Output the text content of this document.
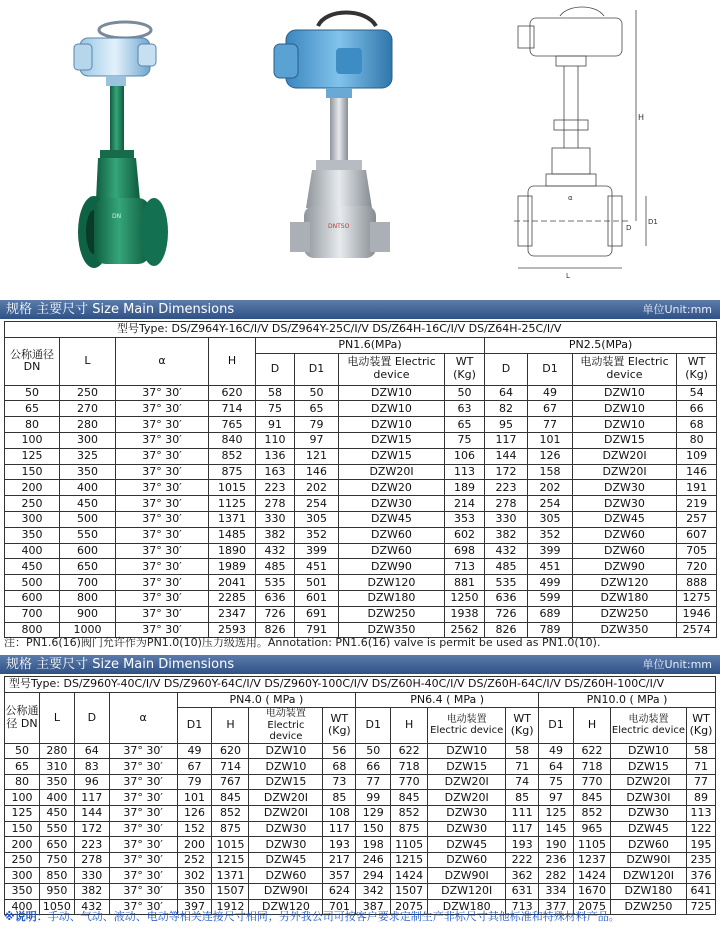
DN
DNTSO
H
D
D1
L
α
规格 主要尺寸 Size Main Dimensions	单位Unit:mm
型号Type: DS/Z964Y-16C/I/V DS/Z964Y-25C/I/V DS/Z64H-16C/I/V DS/Z64H-25C/I/V											
公称通径 DN	L	α	H	PN1.6(MPa)				PN2.5(MPa)			
				D	D1	电动装置 Electric device	WT (Kg)	D	D1	电动装置 Electric device	WT (Kg)
50	250	37° 30′	620	58	50	DZW10	50	64	49	DZW10	54
65	270	37° 30′	714	75	65	DZW10	63	82	67	DZW10	66
80	280	37° 30′	765	91	79	DZW10	65	95	77	DZW10	68
100	300	37° 30′	840	110	97	DZW15	75	117	101	DZW15	80
125	325	37° 30′	852	136	121	DZW15	106	144	126	DZW20I	109
150	350	37° 30′	875	163	146	DZW20I	113	172	158	DZW20I	146
200	400	37° 30′	1015	223	202	DZW20	189	223	202	DZW30	191
250	450	37° 30′	1125	278	254	DZW30	214	278	254	DZW30	219
300	500	37° 30′	1371	330	305	DZW45	353	330	305	DZW45	257
350	550	37° 30′	1485	382	352	DZW60	602	382	352	DZW60	607
400	600	37° 30′	1890	432	399	DZW60	698	432	399	DZW60	705
450	650	37° 30′	1989	485	451	DZW90	713	485	451	DZW90	720
500	700	37° 30′	2041	535	501	DZW120	881	535	499	DZW120	888
600	800	37° 30′	2285	636	601	DZW180	1250	636	599	DZW180	1275
700	900	37° 30′	2347	726	691	DZW250	1938	726	689	DZW250	1946
800	1000	37° 30′	2593	826	791	DZW350	2562	826	789	DZW350	2574
注：PN1.6(16)阀门允许作为PN1.0(10)压力级选用。Annotation: PN1.6(16) valve is permit be used as PN1.0(10).
规格 主要尺寸 Size Main Dimensions	单位Unit:mm
型号Type: DS/Z960Y-40C/I/V DS/Z960Y-64C/I/V DS/Z960Y-100C/I/V DS/Z60H-40C/I/V DS/Z60H-64C/I/V DS/Z60H-100C/I/V															
公称通径 DN	L	D	α	PN4.0 ( MPa )				PN6.4 ( MPa )				PN10.0 ( MPa )			
				D1	H	电动装置 Electric device	WT (Kg)	D1	H	电动装置 Electric device	WT (Kg)	D1	H	电动装置 Electric device	WT (Kg)
50	280	64	37° 30′	49	620	DZW10	56	50	622	DZW10	58	49	622	DZW10	58
65	310	83	37° 30′	67	714	DZW10	68	66	718	DZW15	71	64	718	DZW15	71
80	350	96	37° 30′	79	767	DZW15	73	77	770	DZW20I	74	75	770	DZW20I	77
100	400	117	37° 30′	101	845	DZW20I	85	99	845	DZW20I	85	97	845	DZW30I	89
125	450	144	37° 30′	126	852	DZW20I	108	129	852	DZW30	111	125	852	DZW30	113
150	550	172	37° 30′	152	875	DZW30	117	150	875	DZW30	117	145	965	DZW45	122
200	650	223	37° 30′	200	1015	DZW30	193	198	1105	DZW45	193	190	1105	DZW60	195
250	750	278	37° 30′	252	1215	DZW45	217	246	1215	DZW60	222	236	1237	DZW90I	235
300	850	330	37° 30′	302	1371	DZW60	357	294	1424	DZW90I	362	282	1424	DZW120I	376
350	950	382	37° 30′	350	1507	DZW90I	624	342	1507	DZW120I	631	334	1670	DZW180	641
400	1050	432	37° 30′	397	1912	DZW120	701	387	2075	DZW180	713	377	2075	DZW250	725
※说明：手动、气动、液动、电动等相关连接尺寸相同；另外我公司可按客户要求定制生产非标尺寸其他标准和特殊材料产品。
